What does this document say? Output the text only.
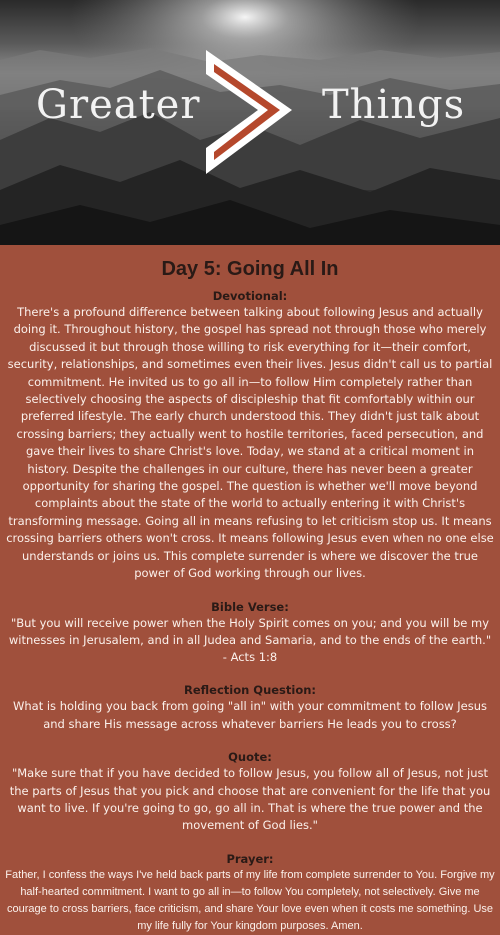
Greater	Things
Day 5: Going All In

Devotional:

There's a profound difference between talking about following Jesus and actually doing it. Throughout history, the gospel has spread not through those who merely discussed it but through those willing to risk everything for it—their comfort, security, relationships, and sometimes even their lives. Jesus didn't call us to partial commitment. He invited us to go all in—to follow Him completely rather than selectively choosing the aspects of discipleship that fit comfortably within our preferred lifestyle. The early church understood this. They didn't just talk about crossing barriers; they actually went to hostile territories, faced persecution, and gave their lives to share Christ's love. Today, we stand at a critical moment in history. Despite the challenges in our culture, there has never been a greater opportunity for sharing the gospel. The question is whether we'll move beyond complaints about the state of the world to actually entering it with Christ's transforming message. Going all in means refusing to let criticism stop us. It means crossing barriers others won't cross. It means following Jesus even when no one else understands or joins us. This complete surrender is where we discover the true power of God working through our lives.

Bible Verse:

"But you will receive power when the Holy Spirit comes on you; and you will be my witnesses in Jerusalem, and in all Judea and Samaria, and to the ends of the earth."

- Acts 1:8

Reflection Question:

What is holding you back from going "all in" with your commitment to follow Jesus and share His message across whatever barriers He leads you to cross?

Quote:

"Make sure that if you have decided to follow Jesus, you follow all of Jesus, not just the parts of Jesus that you pick and choose that are convenient for the life that you want to live. If you're going to go, go all in. That is where the true power and the movement of God lies."

Prayer:

Father, I confess the ways I've held back parts of my life from complete surrender to You. Forgive my half-hearted commitment. I want to go all in—to follow You completely, not selectively. Give me courage to cross barriers, face criticism, and share Your love even when it costs me something. Use my life fully for Your kingdom purposes. Amen.
